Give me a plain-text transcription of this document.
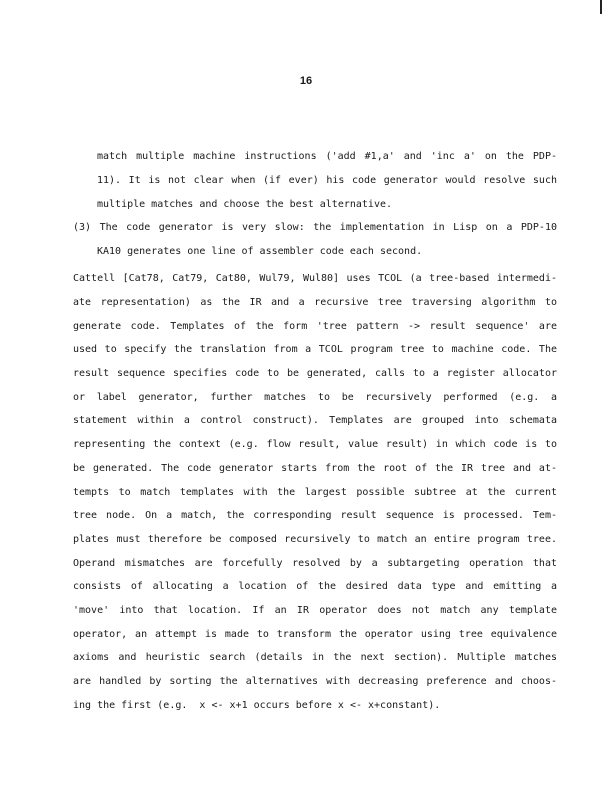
16
match multiple machine instructions ('add #1,a' and 'inc a' on the PDP-
11). It is not clear when (if ever) his code generator would resolve such
multiple matches and choose the best alternative.
(3) The code generator is very slow: the implementation in Lisp on a PDP-10
KA10 generates one line of assembler code each second.
Cattell [Cat78, Cat79, Cat80, Wul79, Wul80] uses TCOL (a tree-based intermedi-
ate representation) as the IR and a recursive tree traversing algorithm to
generate code. Templates of the form 'tree pattern -> result sequence' are
used to specify the translation from a TCOL program tree to machine code. The
result sequence specifies code to be generated, calls to a register allocator
or label generator, further matches to be recursively performed (e.g. a
statement within a control construct). Templates are grouped into schemata
representing the context (e.g. flow result, value result) in which code is to
be generated. The code generator starts from the root of the IR tree and at-
tempts to match templates with the largest possible subtree at the current
tree node. On a match, the corresponding result sequence is processed. Tem-
plates must therefore be composed recursively to match an entire program tree.
Operand mismatches are forcefully resolved by a subtargeting operation that
consists of allocating a location of the desired data type and emitting a
'move' into that location. If an IR operator does not match any template
operator, an attempt is made to transform the operator using tree equivalence
axioms and heuristic search (details in the next section). Multiple matches
are handled by sorting the alternatives with decreasing preference and choos-
ing the first (e.g.  x <- x+1 occurs before x <- x+constant).
